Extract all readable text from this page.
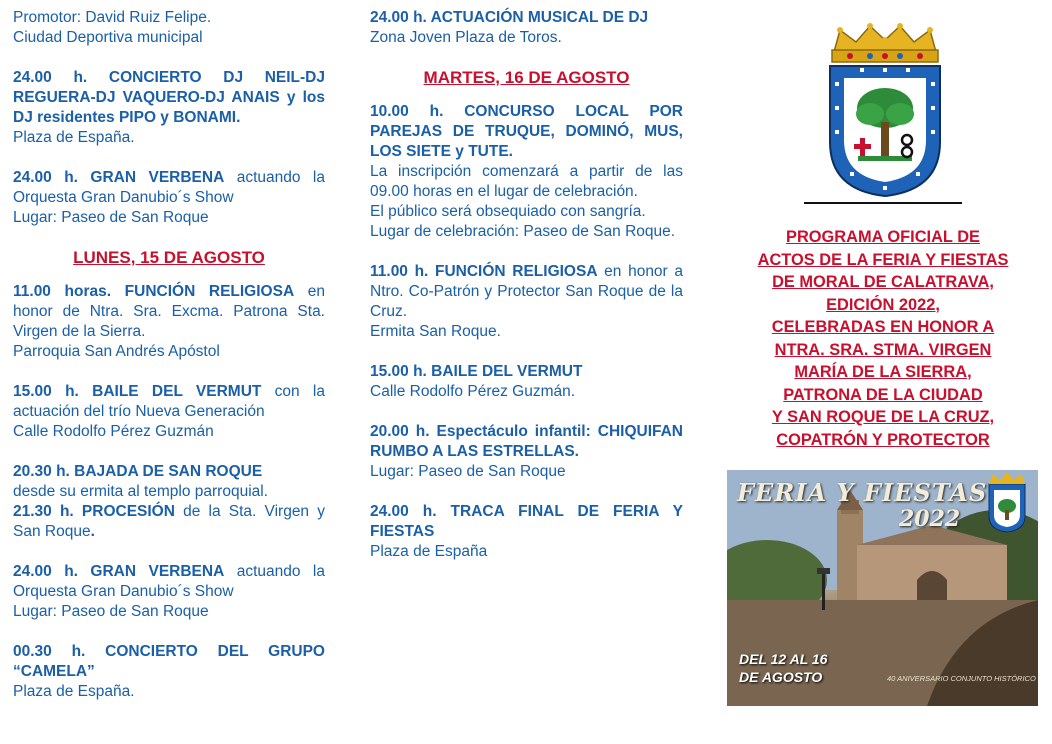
Promotor: David Ruiz Felipe.

Ciudad Deportiva municipal

24.00 h. CONCIERTO DJ NEIL-DJ REGUERA-DJ VAQUERO-DJ ANAIS y los DJ residentes PIPO y BONAMI.

Plaza de España.

24.00 h. GRAN VERBENA actuando la Orquesta Gran Danubio´s Show

Lugar: Paseo de San Roque

LUNES, 15 DE AGOSTO

11.00 horas. FUNCIÓN RELIGIOSA en honor de Ntra. Sra. Excma. Patrona Sta. Virgen de la Sierra.

Parroquia San Andrés Apóstol

15.00 h. BAILE DEL VERMUT con la actuación del trío Nueva Generación

Calle Rodolfo Pérez Guzmán

20.30 h. BAJADA DE SAN ROQUE

desde su ermita al templo parroquial.

21.30 h. PROCESIÓN de la Sta. Virgen y San Roque.

24.00 h. GRAN VERBENA actuando la Orquesta Gran Danubio´s Show

Lugar: Paseo de San Roque

00.30 h. CONCIERTO DEL GRUPO “CAMELA”

Plaza de España.

24.00 h. ACTUACIÓN MUSICAL DE DJ

Zona Joven Plaza de Toros.

MARTES, 16 DE AGOSTO

10.00 h. CONCURSO LOCAL POR PAREJAS DE TRUQUE, DOMINÓ, MUS, LOS SIETE y TUTE.

La inscripción comenzará a partir de las 09.00 horas en el lugar de celebración.

El público será obsequiado con sangría.

Lugar de celebración: Paseo de San Roque.

11.00 h. FUNCIÓN RELIGIOSA en honor a Ntro. Co-Patrón y Protector San Roque de la Cruz.

Ermita San Roque.

15.00 h. BAILE DEL VERMUT

Calle Rodolfo Pérez Guzmán.

20.00 h. Espectáculo infantil: CHIQUIFAN RUMBO A LAS ESTRELLAS.

Lugar: Paseo de San Roque

24.00 h. TRACA FINAL DE FERIA Y FIESTAS

Plaza de España

PROGRAMA OFICIAL DE
ACTOS DE LA FERIA Y FIESTAS
DE MORAL DE CALATRAVA,
EDICIÓN 2022,
CELEBRADAS EN HONOR A
NTRA. SRA. STMA. VIRGEN
MARÍA DE LA SIERRA,
PATRONA DE LA CIUDAD
Y SAN ROQUE DE LA CRUZ,
COPATRÓN Y PROTECTOR
FERIA Y FIESTAS
2022
DEL 12 AL 16
DE AGOSTO	40 ANIVERSARIO CONJUNTO HISTÓRICO
